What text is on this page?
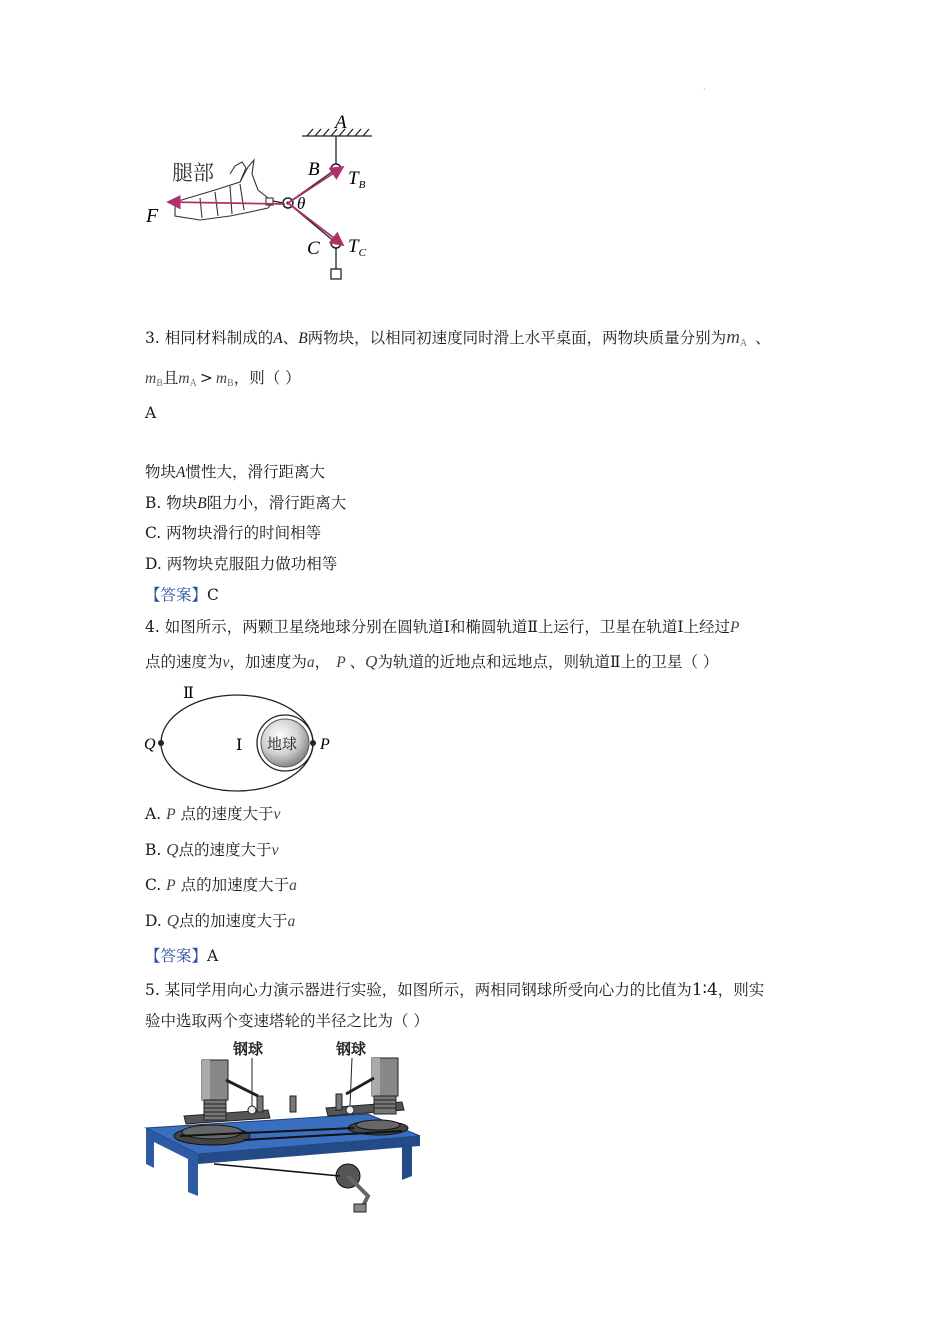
ˎ
A
B
C
腿部
θ
F
$T_B$
$T_C$
3. 相同材料制成的A、B两物块，以相同初速度同时滑上水平桌面，两物块质量分别为$m_A$ 、
$m_B$且$m_A > m_B$，则（ ）
A
物块A惯性大，滑行距离大
B. 物块B阻力小，滑行距离大
C. 两物块滑行的时间相等
D. 两物块克服阻力做功相等
【答案】C
4. 如图所示，两颗卫星绕地球分别在圆轨道Ⅰ和椭圆轨道Ⅱ上运行，卫星在轨道Ⅰ上经过P
点的速度为v，加速度为a， P 、Q为轨道的近地点和远地点，则轨道Ⅱ上的卫星（ ）
地球
Q	P
Ⅱ
Ⅰ
A. P 点的速度大于v
B. Q点的速度大于v
C. P 点的加速度大于a
D. Q点的加速度大于a
【答案】A
5. 某同学用向心力演示器进行实验，如图所示，两相同钢球所受向心力的比值为1∶4，则实
验中选取两个变速塔轮的半径之比为（ ）
钢球	钢球
